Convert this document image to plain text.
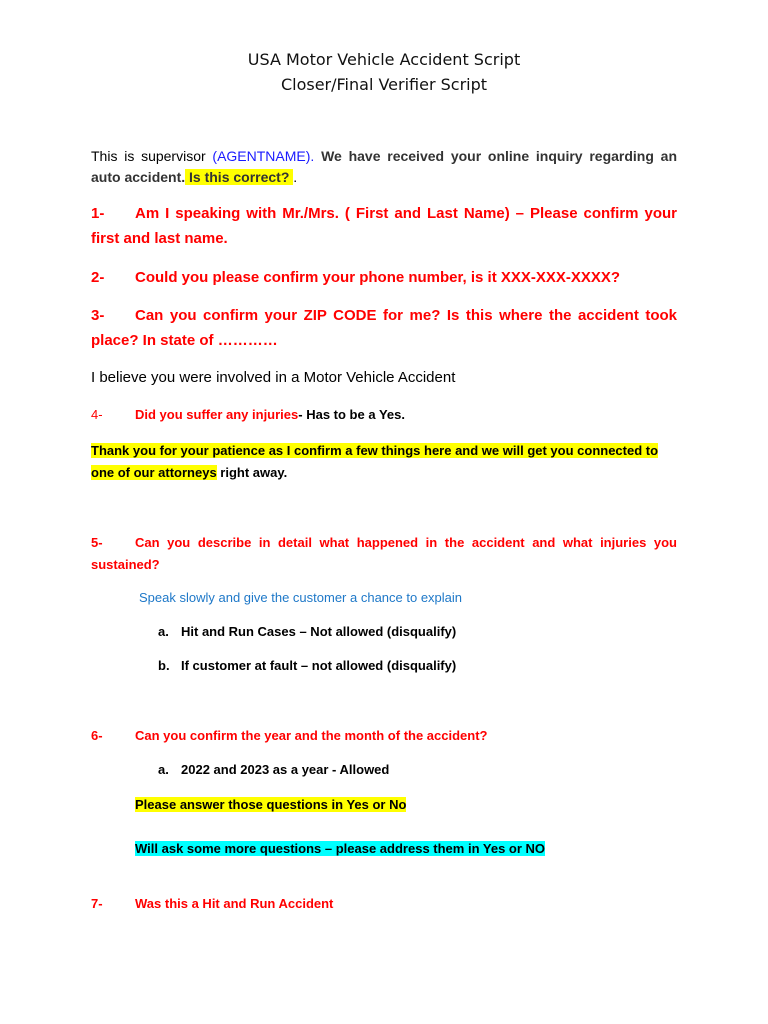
USA Motor Vehicle Accident Script
Closer/Final Verifier Script
This is supervisor (AGENTNAME). We have received your online inquiry regarding an auto accident. Is this correct? .
1- Am I speaking with Mr./Mrs. ( First and Last Name) – Please confirm your first and last name.
2- Could you please confirm your phone number, is it XXX-XXX-XXXX?
3- Can you confirm your ZIP CODE for me? Is this where the accident took place? In state of …………
I believe you were involved in a Motor Vehicle Accident
4- Did you suffer any injuries- Has to be a Yes.
Thank you for your patience as I confirm a few things here and we will get you connected to one of our attorneys right away.
5- Can you describe in detail what happened in the accident and what injuries you sustained?
Speak slowly and give the customer a chance to explain
a. Hit and Run Cases – Not allowed (disqualify)
b. If customer at fault – not allowed (disqualify)
6- Can you confirm the year and the month of the accident?
a. 2022 and 2023 as a year - Allowed
Please answer those questions in Yes or No
Will ask some more questions – please address them in Yes or NO
7- Was this a Hit and Run Accident
